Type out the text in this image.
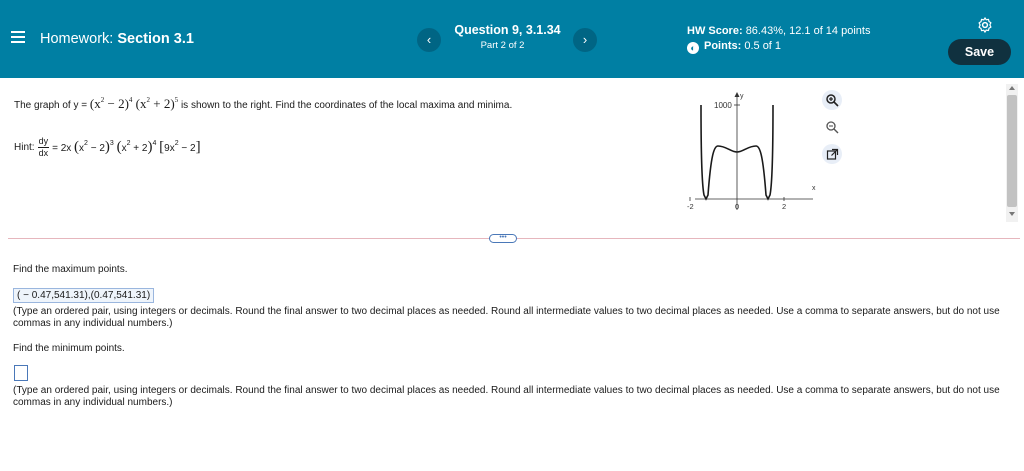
Homework: Section 3.1	‹
Question 9, 3.1.34
Part 2 of 2	›
HW Score: 86.43%, 12.1 of 14 points
◐ Points: 0.5 of 1	Save
The graph of $y = (x^2 - 2)^4$ $(x^2 + 2)^5$ is shown to the right. Find the coordinates of the local maxima and minima.
Hint: $\frac{dy}{dx} = 2x$ $(x^2 - 2)^3$ $(x^2 + 2)^4$ $[9x^2 - 2]$
1000
y
x
-2	0	2
•••
Find the maximum points.
( − 0.47,541.31),(0.47,541.31)
(Type an ordered pair, using integers or decimals. Round the final answer to two decimal places as needed. Round all intermediate values to two decimal places as needed. Use a comma to separate answers, but do not use commas in any individual numbers.)
Find the minimum points.
(Type an ordered pair, using integers or decimals. Round the final answer to two decimal places as needed. Round all intermediate values to two decimal places as needed. Use a comma to separate answers, but do not use commas in any individual numbers.)
